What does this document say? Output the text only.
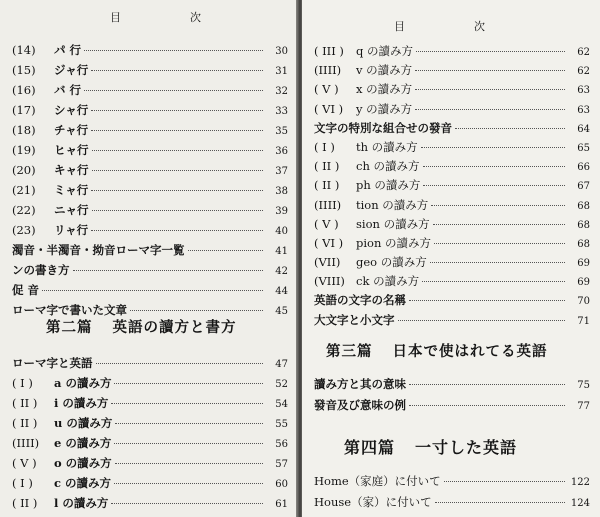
目	次
(14)	パ 行	30
(15)	ジャ行	31
(16)	バ 行	32
(17)	シャ行	33
(18)	チャ行	35
(19)	ヒャ行	36
(20)	キャ行	37
(21)	ミャ行	38
(22)	ニャ行	39
(23)	リャ行	40
濁音・半濁音・拗音ローマ字一覧	41
ンの書き方	42
促 音	44
ローマ字で書いた文章	45
第二篇 英語の讀方と書方
ローマ字と英語	47
( I )	a の讀み方	52
( II )	i の讀み方	54
( II )	u の讀み方	55
(IIII)	e の讀み方	56
( V )	o の讀み方	57
( I )	c の讀み方	60
( II )	l の讀み方	61
目	次
( III )	q の讀み方	62
(IIII)	v の讀み方	62
( V )	x の讀み方	63
( VI )	y の讀み方	63
文字の特別な組合せの發音	64
( I )	th の讀み方	65
( II )	ch の讀み方	66
( II )	ph の讀み方	67
(IIII)	tion の讀み方	68
( V )	sion の讀み方	68
( VI )	pion の讀み方	68
(VII)	geo の讀み方	69
(VIII) ck の讀み方	69
英語の文字の名稱	70
大文字と小文字	71
第三篇 日本で使はれてる英語
讀み方と其の意味	75
發音及び意味の例	77
第四篇 一寸した英語
Home（家庭）に付いて	122
House（家）に付いて	124
